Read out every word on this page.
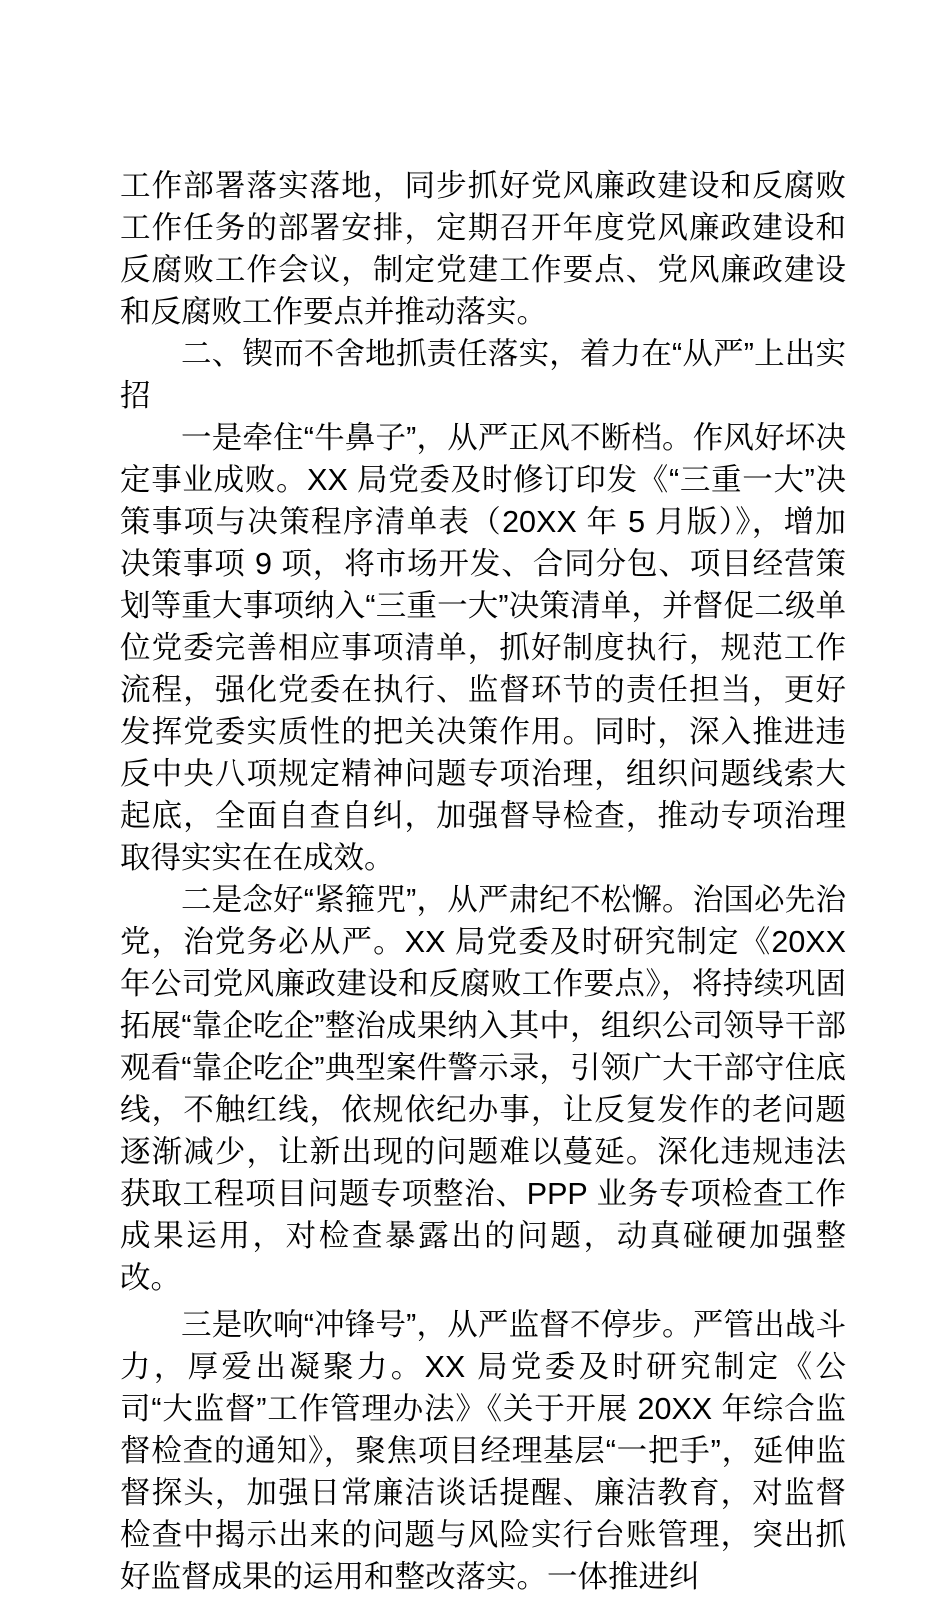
工作部署落实落地，同步抓好党风廉政建设和反腐败工作任务的部署安排，定期召开年度党风廉政建设和反腐败工作会议，制定党建工作要点、党风廉政建设和反腐败工作要点并推动落实。

二、锲而不舍地抓责任落实，着力在“从严”上出实招

一是牵住“牛鼻子”，从严正风不断档。作风好坏决定事业成败。XX 局党委及时修订印发《“三重一大”决策事项与决策程序清单表（20XX 年 5 月版）》，增加决策事项 9 项，将市场开发、合同分包、项目经营策划等重大事项纳入“三重一大”决策清单，并督促二级单位党委完善相应事项清单，抓好制度执行，规范工作流程，强化党委在执行、监督环节的责任担当，更好发挥党委实质性的把关决策作用。同时，深入推进违反中央八项规定精神问题专项治理，组织问题线索大起底，全面自查自纠，加强督导检查，推动专项治理取得实实在在成效。

二是念好“紧箍咒”，从严肃纪不松懈。治国必先治党，治党务必从严。XX 局党委及时研究制定《20XX 年公司党风廉政建设和反腐败工作要点》，将持续巩固拓展“靠企吃企”整治成果纳入其中，组织公司领导干部观看“靠企吃企”典型案件警示录，引领广大干部守住底线，不触红线，依规依纪办事，让反复发作的老问题逐渐减少，让新出现的问题难以蔓延。深化违规违法获取工程项目问题专项整治、PPP 业务专项检查工作成果运用，对检查暴露出的问题，动真碰硬加强整改。

三是吹响“冲锋号”，从严监督不停步。严管出战斗力，厚爱出凝聚力。XX 局党委及时研究制定《公司“大监督”工作管理办法》《关于开展 20XX 年综合监督检查的通知》，聚焦项目经理基层“一把手”，延伸监督探头，加强日常廉洁谈话提醒、廉洁教育，对监督检查中揭示出来的问题与风险实行台账管理，突出抓好监督成果的运用和整改落实。一体推进纠
